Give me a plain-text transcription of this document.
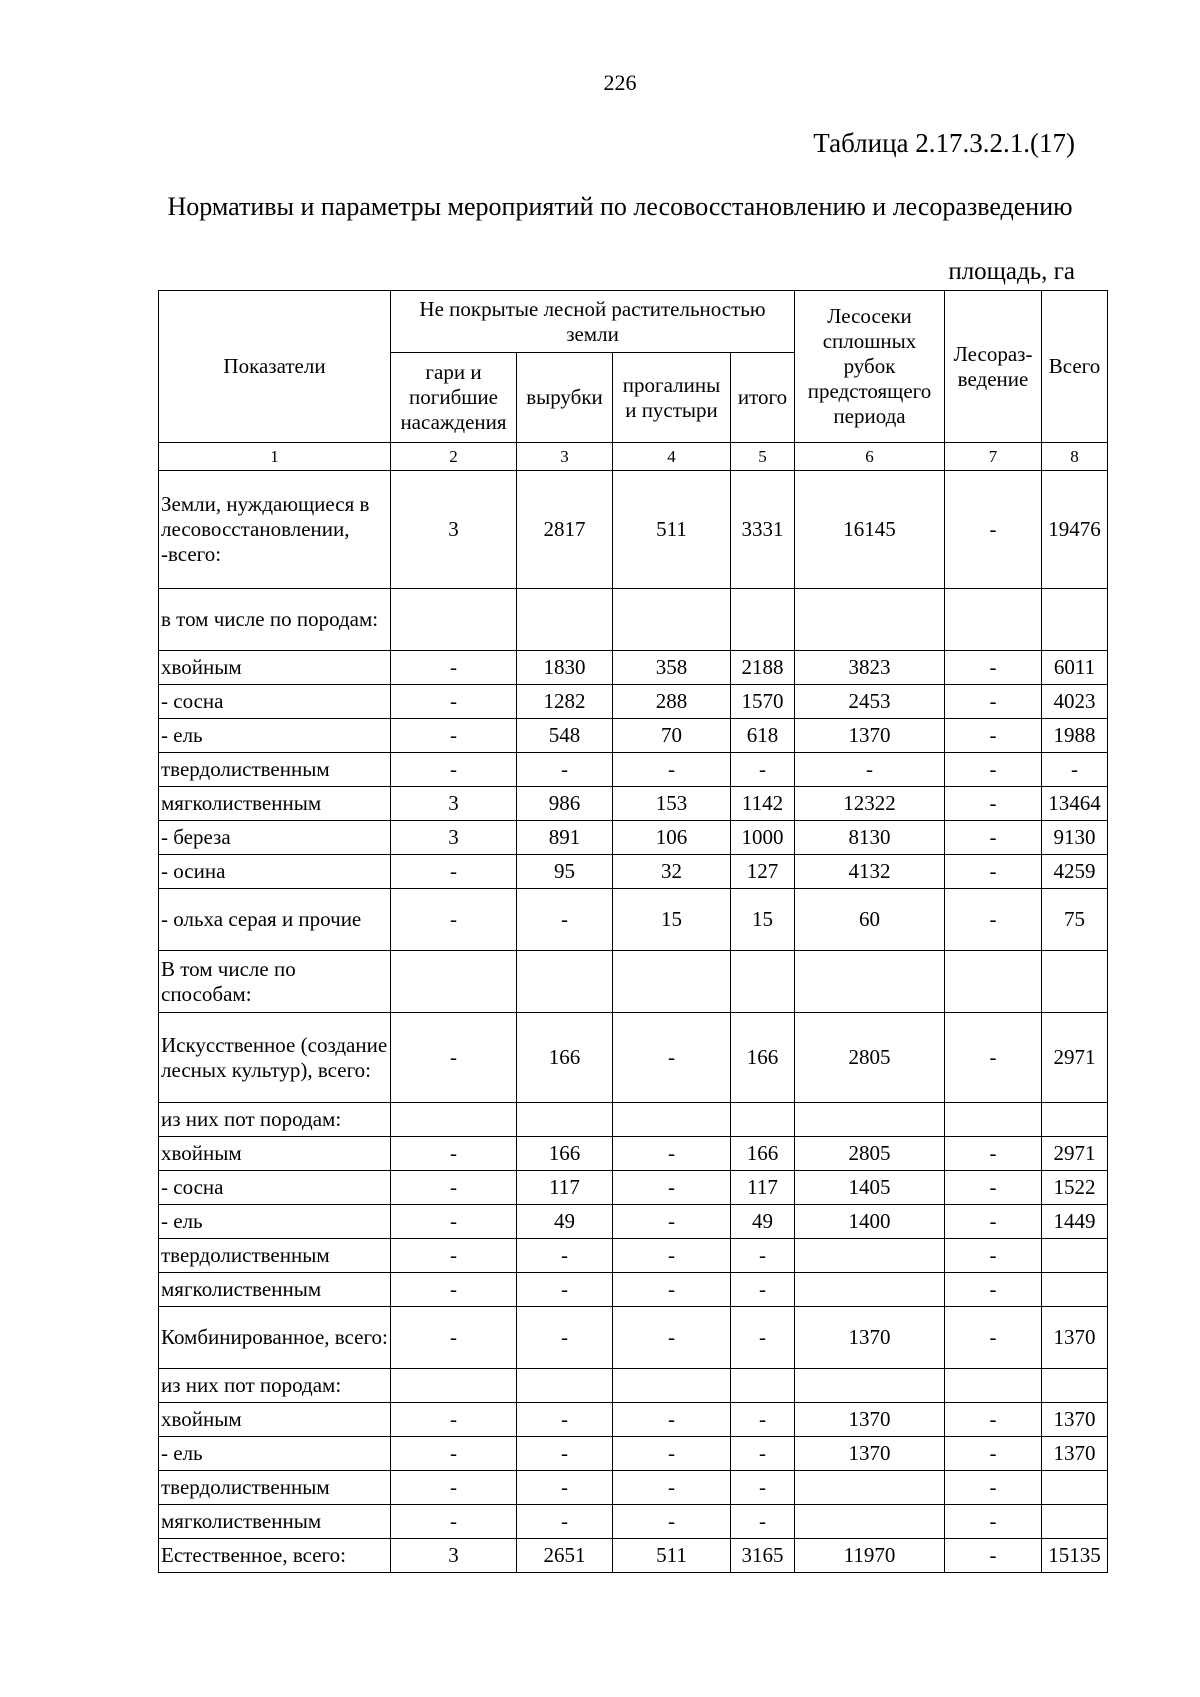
226
Таблица 2.17.3.2.1.(17)
Нормативы и параметры мероприятий по лесовосстановлению и лесоразведению
площадь, га
Показатели	Не покрытые лесной растительностью земли				Лесосеки сплошных рубок предстоящего периода	Лесораз-ведение	Всего
	гари и погибшие насаждения	вырубки	прогалины и пустыри	итого			
1	2	3	4	5	6	7	8
Земли, нуждающиеся в лесовосстановлении, -всего:	3	2817	511	3331	16145	-	19476
в том числе по породам:							
хвойным	-	1830	358	2188	3823	-	6011
- сосна	-	1282	288	1570	2453	-	4023
- ель	-	548	70	618	1370	-	1988
твердолиственным	-	-	-	-	-	-	-
мягколиственным	3	986	153	1142	12322	-	13464
- береза	3	891	106	1000	8130	-	9130
- осина	-	95	32	127	4132	-	4259
- ольха серая и прочие	-	-	15	15	60	-	75
В том числе по способам:							
Искусственное (создание лесных культур), всего:	-	166	-	166	2805	-	2971
из них пот породам:							
хвойным	-	166	-	166	2805	-	2971
- сосна	-	117	-	117	1405	-	1522
- ель	-	49	-	49	1400	-	1449
твердолиственным	-	-	-	-		-	
мягколиственным	-	-	-	-		-	
Комбинированное, всего:	-	-	-	-	1370	-	1370
из них пот породам:							
хвойным	-	-	-	-	1370	-	1370
- ель	-	-	-	-	1370	-	1370
твердолиственным	-	-	-	-		-	
мягколиственным	-	-	-	-		-	
Естественное, всего:	3	2651	511	3165	11970	-	15135
